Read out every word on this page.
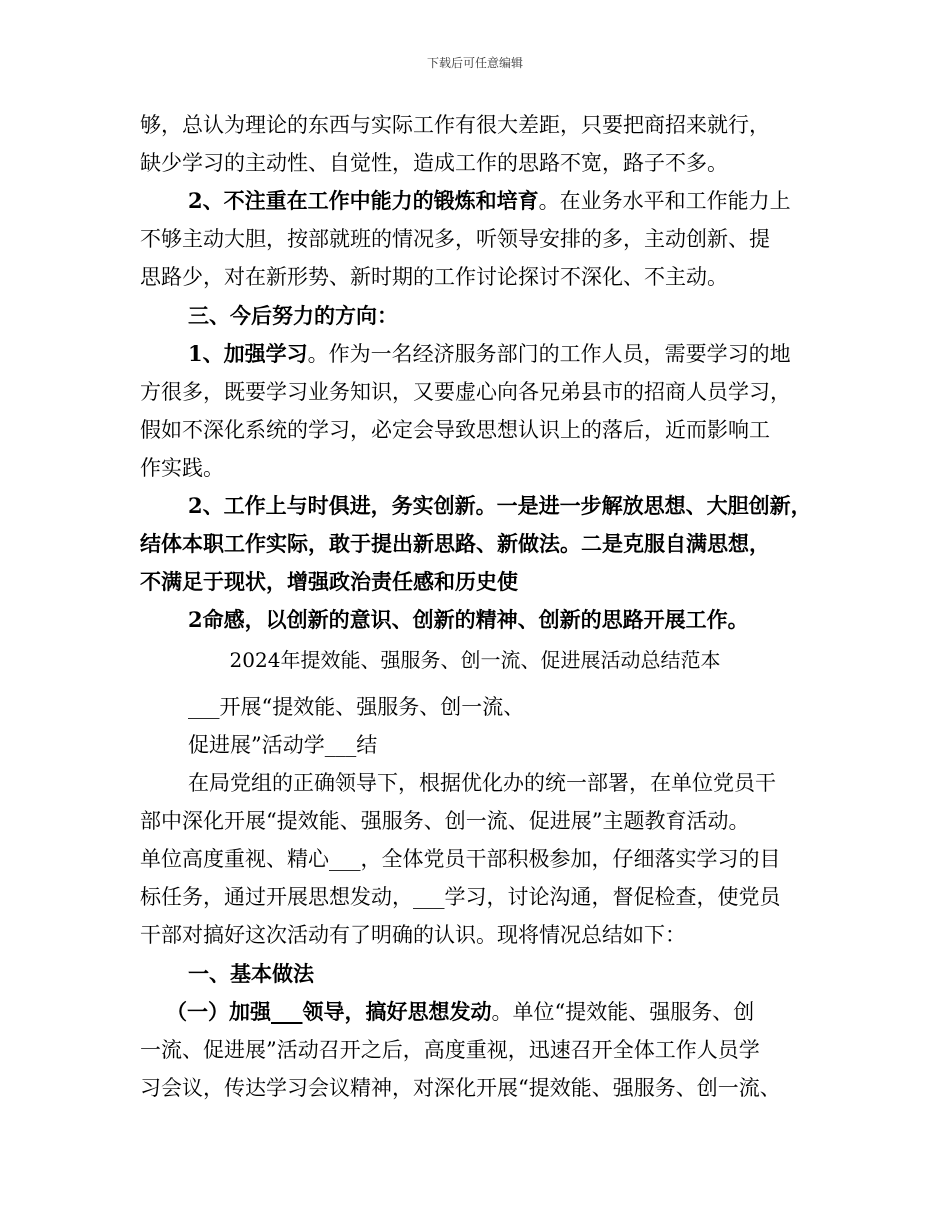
下载后可任意编辑
够，总认为理论的东西与实际工作有很大差距，只要把商招来就行，
缺少学习的主动性、自觉性，造成工作的思路不宽，路子不多。
2、不注重在工作中能力的锻炼和培育。在业务水平和工作能力上
不够主动大胆，按部就班的情况多，听领导安排的多，主动创新、提
思路少，对在新形势、新时期的工作讨论探讨不深化、不主动。
三、今后努力的方向：
1、加强学习。作为一名经济服务部门的工作人员，需要学习的地
方很多，既要学习业务知识，又要虚心向各兄弟县市的招商人员学习，
假如不深化系统的学习，必定会导致思想认识上的落后，近而影响工
作实践。
2、工作上与时俱进，务实创新。一是进一步解放思想、大胆创新，
结体本职工作实际，敢于提出新思路、新做法。二是克服自满思想，
不满足于现状，增强政治责任感和历史使
2命感，以创新的意识、创新的精神、创新的思路开展工作。
2024年提效能、强服务、创一流、促进展活动总结范本
___开展“提效能、强服务、创一流、
促进展”活动学___结
在局党组的正确领导下，根据优化办的统一部署，在单位党员干
部中深化开展“提效能、强服务、创一流、促进展”主题教育活动。
单位高度重视、精心___，全体党员干部积极参加，仔细落实学习的目
标任务，通过开展思想发动，___学习，讨论沟通，督促检查，使党员
干部对搞好这次活动有了明确的认识。现将情况总结如下：
一、基本做法
（一）加强___领导，搞好思想发动。单位“提效能、强服务、创
一流、促进展”活动召开之后，高度重视，迅速召开全体工作人员学
习会议，传达学习会议精神，对深化开展“提效能、强服务、创一流、
